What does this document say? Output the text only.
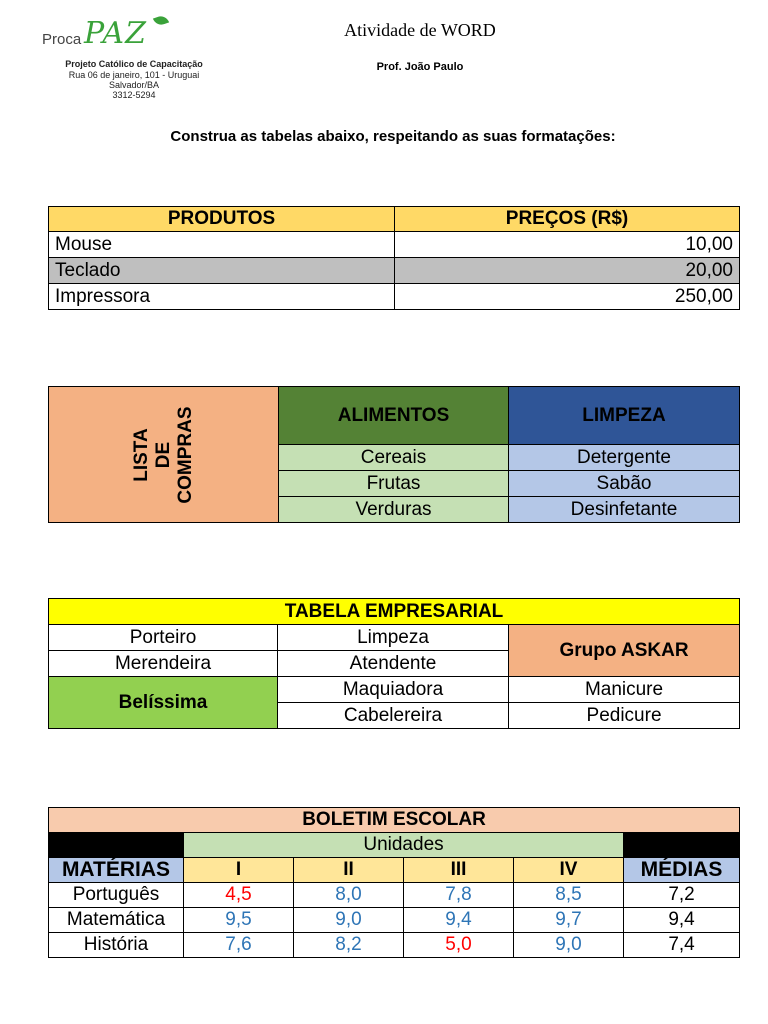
Proca PAZ
Projeto Católico de Capacitação
Rua 06 de janeiro, 101 - Uruguai
Salvador/BA
3312-5294
Atividade de WORD
Prof. João Paulo
Construa as tabelas abaixo, respeitando as suas formatações:
PRODUTOS	PREÇOS (R$)
Mouse	10,00
Teclado	20,00
Impressora	250,00
LISTA DE COMPRAS	ALIMENTOS	LIMPEZA
	Cereais	Detergente
	Frutas	Sabão
	Verduras	Desinfetante
TABELA EMPRESARIAL		
Porteiro	Limpeza	Grupo ASKAR
Merendeira	Atendente	
Belíssima	Maquiadora	Manicure
	Cabelereira	Pedicure
BOLETIM ESCOLAR					
	Unidades				
MATÉRIAS	I	II	III	IV	MÉDIAS
Português	4,5	8,0	7,8	8,5	7,2
Matemática	9,5	9,0	9,4	9,7	9,4
História	7,6	8,2	5,0	9,0	7,4
